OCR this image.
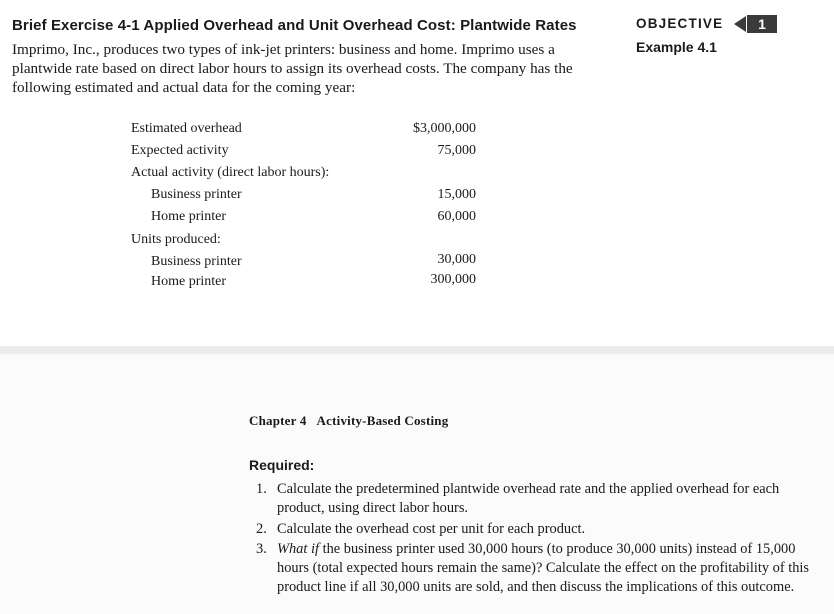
Brief Exercise 4-1 Applied Overhead and Unit Overhead Cost: Plantwide Rates	OBJECTIVE 1
Example 4.1
Imprimo, Inc., produces two types of ink-jet printers: business and home. Imprimo uses a
plantwide rate based on direct labor hours to assign its overhead costs. The company has the
following estimated and actual data for the coming year:
Estimated overhead	$3,000,000
Expected activity	75,000
Actual activity (direct labor hours):
Business printer	15,000
Home printer	60,000
Units produced:
Business printer	30,000
Home printer	300,000
Chapter 4 Activity-Based Costing
Required:
1. Calculate the predetermined plantwide overhead rate and the applied overhead for each
product, using direct labor hours.
2. Calculate the overhead cost per unit for each product.
3. What if the business printer used 30,000 hours (to produce 30,000 units) instead of 15,000
hours (total expected hours remain the same)? Calculate the effect on the profitability of this
product line if all 30,000 units are sold, and then discuss the implications of this outcome.
